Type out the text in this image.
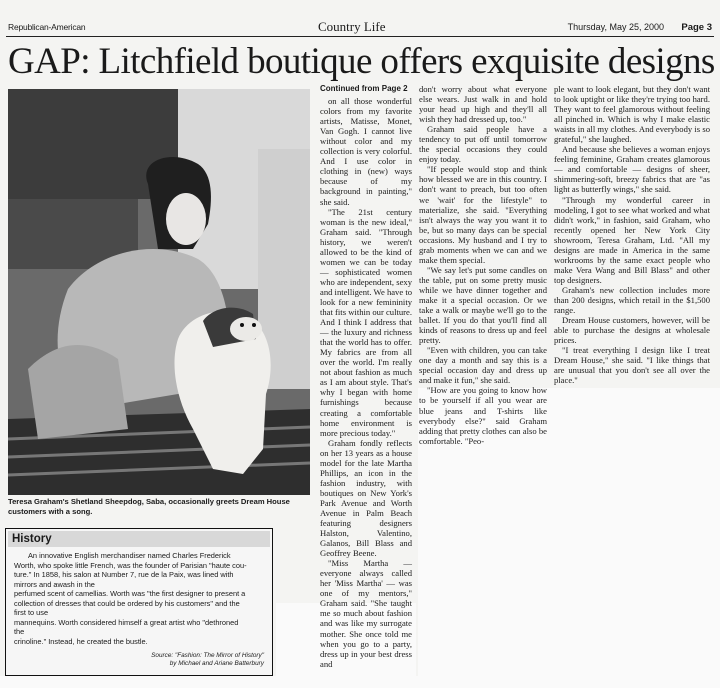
Republican-American	Country Life	Thursday, May 25, 2000 Page 3
GAP: Litchfield boutique offers exquisite designs
Teresa Graham's Shetland Sheepdog, Saba, occasionally greets Dream House customers with a song.

Continued from Page 2

on all those wonderful colors from my favorite artists, Matisse, Monet, Van Gogh. I cannot live without color and my collection is very colorful. And I use color in clothing in (new) ways because of my background in painting," she said.

"The 21st century woman is the new ideal," Graham said. "Through history, we weren't allowed to be the kind of women we can be today — sophisticated women who are independent, sexy and intelligent. We have to look for a new femininity that fits within our culture. And I think I address that — the luxury and richness that the world has to offer. My fabrics are from all over the world. I'm really not about fashion as much as I am about style. That's why I began with home furnishings because creating a comfortable home environment is more precious today."

Graham fondly reflects on her 13 years as a house model for the late Martha Phillips, an icon in the fashion industry, with boutiques on New York's Park Avenue and Worth Avenue in Palm Beach featuring designers Halston, Valentino, Galanos, Bill Blass and Geoffrey Beene.

"Miss Martha — everyone always called her 'Miss Martha' — was one of my mentors," Graham said. "She taught me so much about fashion and was like my surrogate mother. She once told me when you go to a party, dress up in your best dress and

don't worry about what everyone else wears. Just walk in and hold your head up high and they'll all wish they had dressed up, too."

Graham said people have a tendency to put off until tomorrow the special occasions they could enjoy today.

"If people would stop and think how blessed we are in this country. I don't want to preach, but too often we 'wait' for the lifestyle" to materialize, she said. "Everything isn't always the way you want it to be, but so many days can be special occasions. My husband and I try to grab moments when we can and we make them special.

"We say let's put some candles on the table, put on some pretty music while we have dinner together and make it a special occasion. Or we take a walk or maybe we'll go to the ballet. If you do that you'll find all kinds of reasons to dress up and feel pretty.

"Even with children, you can take one day a month and say this is a special occasion day and dress up and make it fun," she said.

"How are you going to know how to be yourself if all you wear are blue jeans and T-shirts like everybody else?" said Graham adding that pretty clothes can also be comfortable. "Peo-

ple want to look elegant, but they don't want to look uptight or like they're trying too hard. They want to feel glamorous without feeling all pinched in. Which is why I make elastic waists in all my clothes. And everybody is so grateful," she laughed.

And because she believes a woman enjoys feeling feminine, Graham creates glamorous — and comfortable — designs of sheer, shimmering-soft, breezy fabrics that are "as light as butterfly wings," she said.

"Through my wonderful career in modeling, I got to see what worked and what didn't work," in fashion, said Graham, who recently opened her New York City showroom, Teresa Graham, Ltd. "All my designs are made in America in the same workrooms by the same exact people who make Vera Wang and Bill Blass" and other top designers.

Graham's new collection includes more than 200 designs, which retail in the $1,500 range.

Dream House customers, however, will be able to purchase the designs at wholesale prices.

"I treat everything I design like I treat Dream House," she said. "I like things that are unusual that you don't see all over the place."

History
An innovative English merchandiser named Charles Frederick
Worth, who spoke little French, was the founder of Parisian "haute cou-
ture." In 1858, his salon at Number 7, rue de la Paix, was lined with
mirrors and awash in the
perfumed scent of camellias. Worth was "the first designer to present a
collection of dresses that could be ordered by his customers" and the
first to use
mannequins. Worth considered himself a great artist who "dethroned
the
crinoline." Instead, he created the bustle.
Source: "Fashion: The Mirror of History"
by Michael and Ariane Batterbury
